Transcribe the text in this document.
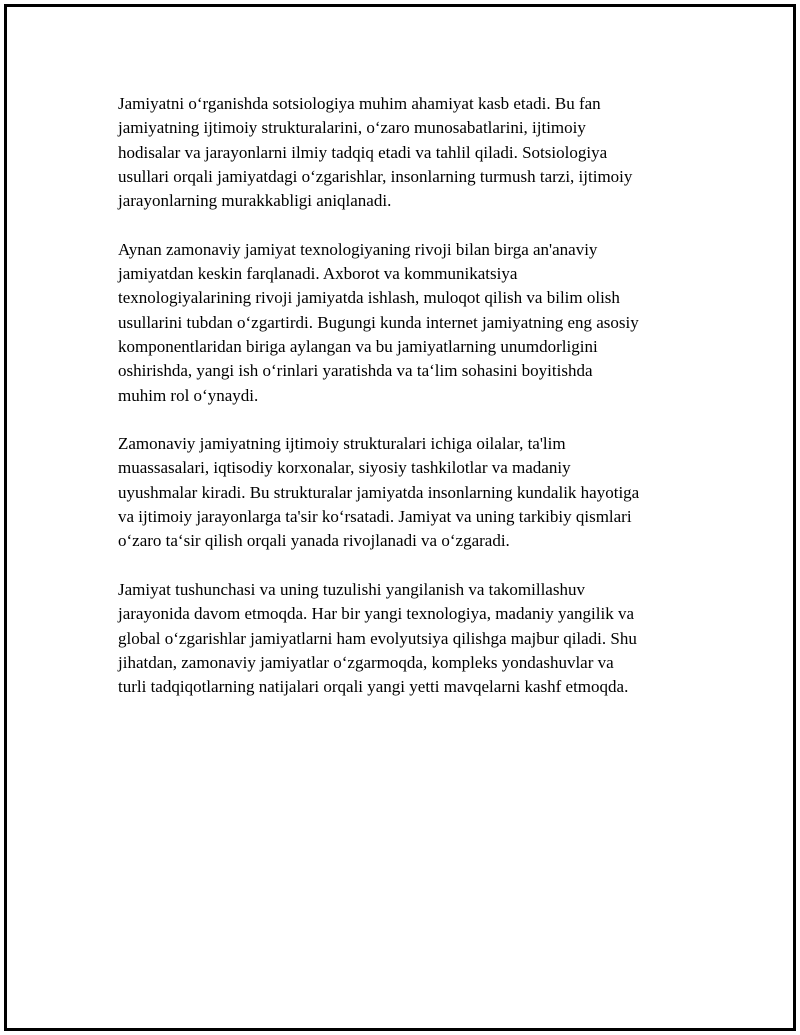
Jamiyatni o‘rganishda sotsiologiya muhim ahamiyat kasb etadi. Bu fan
jamiyatning ijtimoiy strukturalarini, o‘zaro munosabatlarini, ijtimoiy
hodisalar va jarayonlarni ilmiy tadqiq etadi va tahlil qiladi. Sotsiologiya
usullari orqali jamiyatdagi o‘zgarishlar, insonlarning turmush tarzi, ijtimoiy
jarayonlarning murakkabligi aniqlanadi.

Aynan zamonaviy jamiyat texnologiyaning rivoji bilan birga an'anaviy
jamiyatdan keskin farqlanadi. Axborot va kommunikatsiya
texnologiyalarining rivoji jamiyatda ishlash, muloqot qilish va bilim olish
usullarini tubdan o‘zgartirdi. Bugungi kunda internet jamiyatning eng asosiy
komponentlaridan biriga aylangan va bu jamiyatlarning unumdorligini
oshirishda, yangi ish o‘rinlari yaratishda va ta‘lim sohasini boyitishda
muhim rol o‘ynaydi.

Zamonaviy jamiyatning ijtimoiy strukturalari ichiga oilalar, ta'lim
muassasalari, iqtisodiy korxonalar, siyosiy tashkilotlar va madaniy
uyushmalar kiradi. Bu strukturalar jamiyatda insonlarning kundalik hayotiga
va ijtimoiy jarayonlarga ta'sir ko‘rsatadi. Jamiyat va uning tarkibiy qismlari
o‘zaro ta‘sir qilish orqali yanada rivojlanadi va o‘zgaradi.

Jamiyat tushunchasi va uning tuzulishi yangilanish va takomillashuv
jarayonida davom etmoqda. Har bir yangi texnologiya, madaniy yangilik va
global o‘zgarishlar jamiyatlarni ham evolyutsiya qilishga majbur qiladi. Shu
jihatdan, zamonaviy jamiyatlar o‘zgarmoqda, kompleks yondashuvlar va
turli tadqiqotlarning natijalari orqali yangi yetti mavqelarni kashf etmoqda.
